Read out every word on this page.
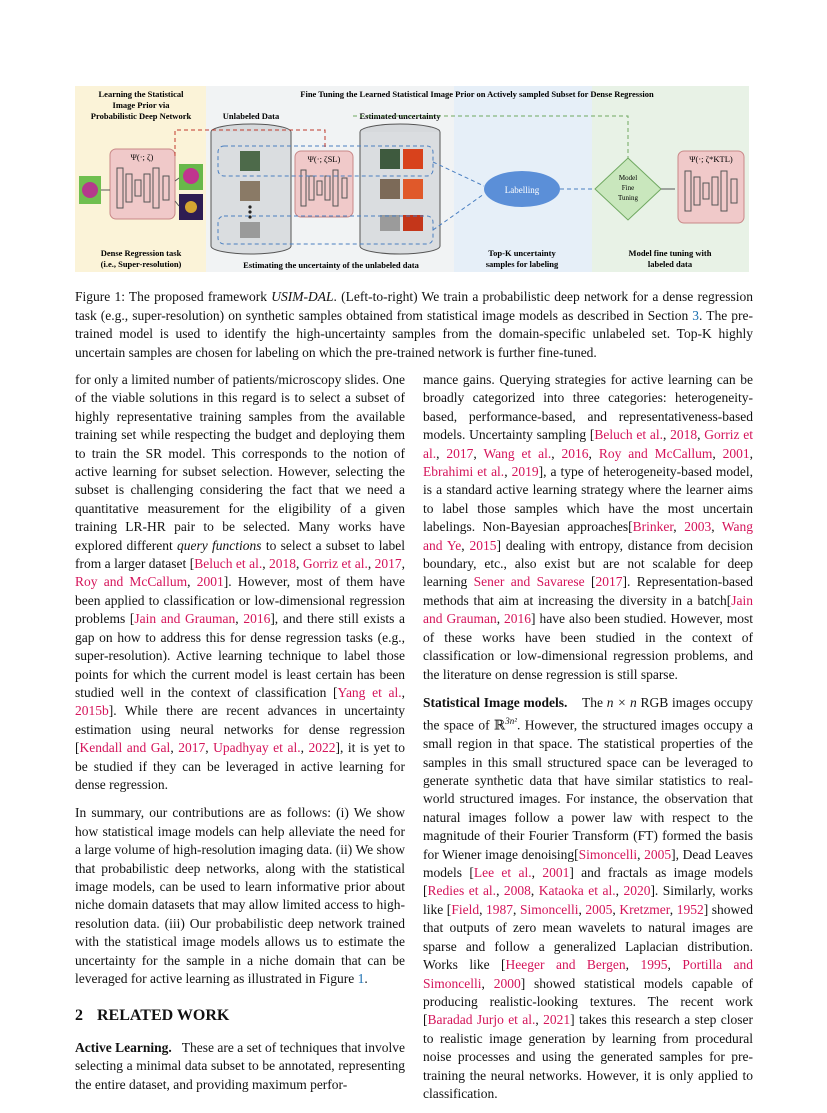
Learning the Statistical
Image Prior via
Probabilistic Deep Network
Fine Tuning the Learned Statistical Image Prior on Actively sampled Subset for Dense Regression
Unlabeled Data	Estimated uncertainty
Ψ(·; ζ)	Ψ(·; ζSL)
Labelling
Model
Fine
Tuning
Ψ(·; ζ*KTL)
Dense Regression task
(i.e., Super-resolution)	Estimating the uncertainty of the unlabeled data
Top-K uncertainty
samples for labeling
Model fine tuning with
labeled data
Figure 1: The proposed framework USIM-DAL. (Left-to-right) We train a probabilistic deep network for a dense regression task (e.g., super-resolution) on synthetic samples obtained from statistical image models as described in Section 3. The pre-trained model is used to identify the high-uncertainty samples from the domain-specific unlabeled set. Top-K highly uncertain samples are chosen for labeling on which the pre-trained network is further fine-tuned.

for only a limited number of patients/microscopy slides. One of the viable solutions in this regard is to select a subset of highly representative training samples from the available training set while respecting the budget and deploying them to train the SR model. This corresponds to the notion of active learning for subset selection. However, selecting the subset is challenging considering the fact that we need a quantitative measurement for the eligibility of a given training LR-HR pair to be selected. Many works have explored different query functions to select a subset to label from a larger dataset [Beluch et al., 2018, Gorriz et al., 2017, Roy and McCallum, 2001]. However, most of them have been applied to classification or low-dimensional regression problems [Jain and Grauman, 2016], and there still exists a gap on how to address this for dense regression tasks (e.g., super-resolution). Active learning technique to label those points for which the current model is least certain has been studied well in the context of classification [Yang et al., 2015b]. While there are recent advances in uncertainty estimation using neural networks for dense regression [Kendall and Gal, 2017, Upadhyay et al., 2022], it is yet to be studied if they can be leveraged in active learning for dense regression.

In summary, our contributions are as follows: (i) We show how statistical image models can help alleviate the need for a large volume of high-resolution imaging data. (ii) We show that probabilistic deep networks, along with the statistical image models, can be used to learn informative prior about niche domain datasets that may allow limited access to high-resolution data. (iii) Our probabilistic deep network trained with the statistical image models allows us to estimate the uncertainty for the sample in a niche domain that can be leveraged for active learning as illustrated in Figure 1.

2 RELATED WORK

Active Learning. These are a set of techniques that involve selecting a minimal data subset to be annotated, representing the entire dataset, and providing maximum perfor-

mance gains. Querying strategies for active learning can be broadly categorized into three categories: heterogeneity-based, performance-based, and representativeness-based models. Uncertainty sampling [Beluch et al., 2018, Gorriz et al., 2017, Wang et al., 2016, Roy and McCallum, 2001, Ebrahimi et al., 2019], a type of heterogeneity-based model, is a standard active learning strategy where the learner aims to label those samples which have the most uncertain labelings. Non-Bayesian approaches[Brinker, 2003, Wang and Ye, 2015] dealing with entropy, distance from decision boundary, etc., also exist but are not scalable for deep learning Sener and Savarese [2017]. Representation-based methods that aim at increasing the diversity in a batch[Jain and Grauman, 2016] have also been studied. However, most of these works have been studied in the context of classification or low-dimensional regression problems, and the literature on dense regression is still sparse.

Statistical Image models. The n × n RGB images occupy the space of ℝ$^{3n^2}$. However, the structured images occupy a small region in that space. The statistical properties of the samples in this small structured space can be leveraged to generate synthetic data that have similar statistics to real-world structured images. For instance, the observation that natural images follow a power law with respect to the magnitude of their Fourier Transform (FT) formed the basis for Wiener image denoising[Simoncelli, 2005], Dead Leaves models [Lee et al., 2001] and fractals as image models [Redies et al., 2008, Kataoka et al., 2020]. Similarly, works like [Field, 1987, Simoncelli, 2005, Kretzmer, 1952] showed that outputs of zero mean wavelets to natural images are sparse and follow a generalized Laplacian distribution. Works like [Heeger and Bergen, 1995, Portilla and Simoncelli, 2000] showed statistical models capable of producing realistic-looking textures. The recent work [Baradad Jurjo et al., 2021] takes this research a step closer to realistic image generation by learning from procedural noise processes and using the generated samples for pre-training the neural networks. However, it is only applied to classification.
